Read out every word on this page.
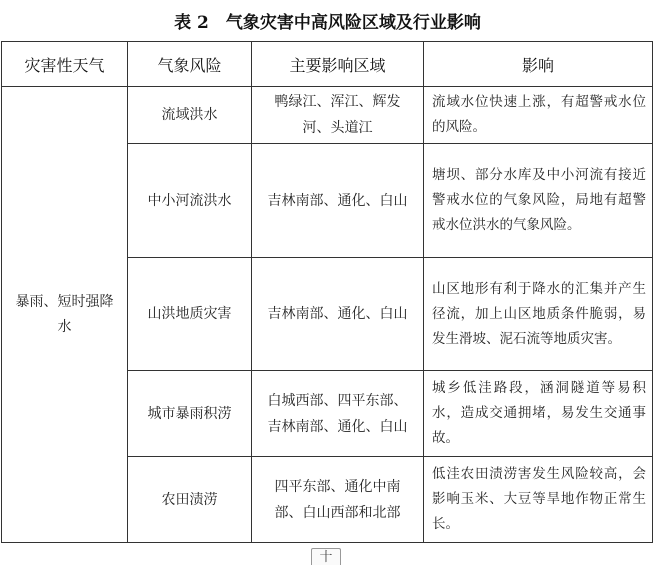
表 2　气象灾害中高风险区域及行业影响
灾害性天气	气象风险	主要影响区域	影响
暴雨、短时强降水	流域洪水	鸭绿江、浑江、辉发河、头道江	流域水位快速上涨，有超警戒水位的风险。
	中小河流洪水	吉林南部、通化、白山	塘坝、部分水库及中小河流有接近警戒水位的气象风险，局地有超警戒水位洪水的气象风险。
	山洪地质灾害	吉林南部、通化、白山	山区地形有利于降水的汇集并产生径流，加上山区地质条件脆弱，易发生滑坡、泥石流等地质灾害。
	城市暴雨积涝	白城西部、四平东部、吉林南部、通化、白山	城乡低洼路段，涵洞隧道等易积水，造成交通拥堵，易发生交通事故。
	农田渍涝	四平东部、通化中南部、白山西部和北部	低洼农田渍涝害发生风险较高，会影响玉米、大豆等旱地作物正常生长。
十
